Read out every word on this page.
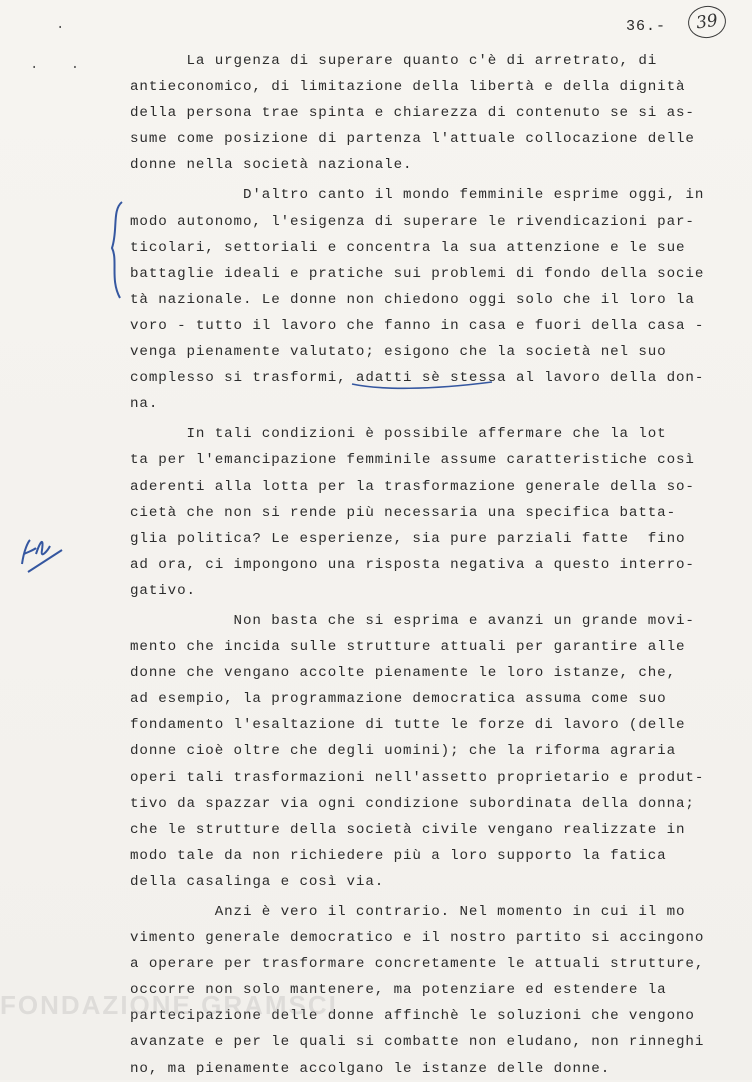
·
· ·
36.-	39
La urgenza di superare quanto c'è di arretrato, di
antieconomico, di limitazione della libertà e della dignità
della persona trae spinta e chiarezza di contenuto se si as-
sume come posizione di partenza l'attuale collocazione delle
donne nella società nazionale.
D'altro canto il mondo femminile esprime oggi, in
modo autonomo, l'esigenza di superare le rivendicazioni par-
ticolari, settoriali e concentra la sua attenzione e le sue
battaglie ideali e pratiche sui problemi di fondo della socie
tà nazionale. Le donne non chiedono oggi solo che il loro la
voro - tutto il lavoro che fanno in casa e fuori della casa -
venga pienamente valutato; esigono che la società nel suo
complesso si trasformi, adatti sè stessa al lavoro della don-
na.
In tali condizioni è possibile affermare che la lot
ta per l'emancipazione femminile assume caratteristiche così
aderenti alla lotta per la trasformazione generale della so-
cietà che non si rende più necessaria una specifica batta-
glia politica? Le esperienze, sia pure parziali fatte  fino
ad ora, ci impongono una risposta negativa a questo interro-
gativo.
Non basta che si esprima e avanzi un grande movi-
mento che incida sulle strutture attuali per garantire alle
donne che vengano accolte pienamente le loro istanze, che,
ad esempio, la programmazione democratica assuma come suo
fondamento l'esaltazione di tutte le forze di lavoro (delle
donne cioè oltre che degli uomini); che la riforma agraria
operi tali trasformazioni nell'assetto proprietario e produt-
tivo da spazzar via ogni condizione subordinata della donna;
che le strutture della società civile vengano realizzate in
modo tale da non richiedere più a loro supporto la fatica
della casalinga e così via.
Anzi è vero il contrario. Nel momento in cui il mo
vimento generale democratico e il nostro partito si accingono
a operare per trasformare concretamente le attuali strutture,
occorre non solo mantenere, ma potenziare ed estendere la
partecipazione delle donne affinchè le soluzioni che vengono
avanzate e per le quali si combatte non eludano, non rinneghi
no, ma pienamente accolgano le istanze delle donne.
FONDAZIONE GRAMSCI
